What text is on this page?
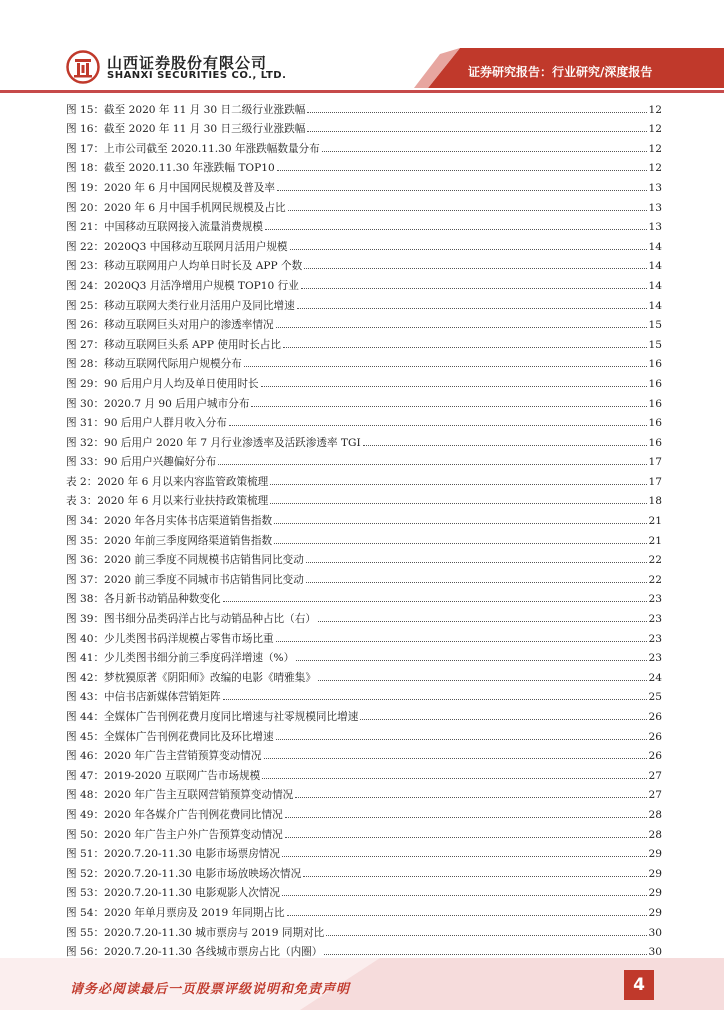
山西证券股份有限公司
SHANXI SECURITIES CO., LTD.	证券研究报告：行业研究/深度报告
图 15：截至 2020 年 11 月 30 日二级行业涨跌幅	12
图 16：截至 2020 年 11 月 30 日三级行业涨跌幅	12
图 17：上市公司截至 2020.11.30 年涨跌幅数量分布	12
图 18：截至 2020.11.30 年涨跌幅 TOP10	12
图 19：2020 年 6 月中国网民规模及普及率	13
图 20：2020 年 6 月中国手机网民规模及占比	13
图 21：中国移动互联网接入流量消费规模	13
图 22：2020Q3 中国移动互联网月活用户规模	14
图 23：移动互联网用户人均单日时长及 APP 个数	14
图 24：2020Q3 月活净增用户规模 TOP10 行业	14
图 25：移动互联网大类行业月活用户及同比增速	14
图 26：移动互联网巨头对用户的渗透率情况	15
图 27：移动互联网巨头系 APP 使用时长占比	15
图 28：移动互联网代际用户规模分布	16
图 29：90 后用户月人均及单日使用时长	16
图 30：2020.7 月 90 后用户城市分布	16
图 31：90 后用户人群月收入分布	16
图 32：90 后用户 2020 年 7 月行业渗透率及活跃渗透率 TGI	16
图 33：90 后用户兴趣偏好分布	17
表 2：2020 年 6 月以来内容监管政策梳理	17
表 3：2020 年 6 月以来行业扶持政策梳理	18
图 34：2020 年各月实体书店渠道销售指数	21
图 35：2020 年前三季度网络渠道销售指数	21
图 36：2020 前三季度不同规模书店销售同比变动	22
图 37：2020 前三季度不同城市书店销售同比变动	22
图 38：各月新书动销品种数变化	23
图 39：图书细分品类码洋占比与动销品种占比（右）	23
图 40：少儿类图书码洋规模占零售市场比重	23
图 41：少儿类图书细分前三季度码洋增速（%）	23
图 42：梦枕獏原著《阴阳师》改编的电影《晴雅集》	24
图 43：中信书店新媒体营销矩阵	25
图 44：全媒体广告刊例花费月度同比增速与社零规模同比增速	26
图 45：全媒体广告刊例花费同比及环比增速	26
图 46：2020 年广告主营销预算变动情况	26
图 47：2019-2020 互联网广告市场规模	27
图 48：2020 年广告主互联网营销预算变动情况	27
图 49：2020 年各媒介广告刊例花费同比情况	28
图 50：2020 年广告主户外广告预算变动情况	28
图 51：2020.7.20-11.30 电影市场票房情况	29
图 52：2020.7.20-11.30 电影市场放映场次情况	29
图 53：2020.7.20-11.30 电影观影人次情况	29
图 54：2020 年单月票房及 2019 年同期占比	29
图 55：2020.7.20-11.30 城市票房与 2019 同期对比	30
图 56：2020.7.20-11.30 各线城市票房占比（内圈）	30
请务必阅读最后一页股票评级说明和免责声明	4
